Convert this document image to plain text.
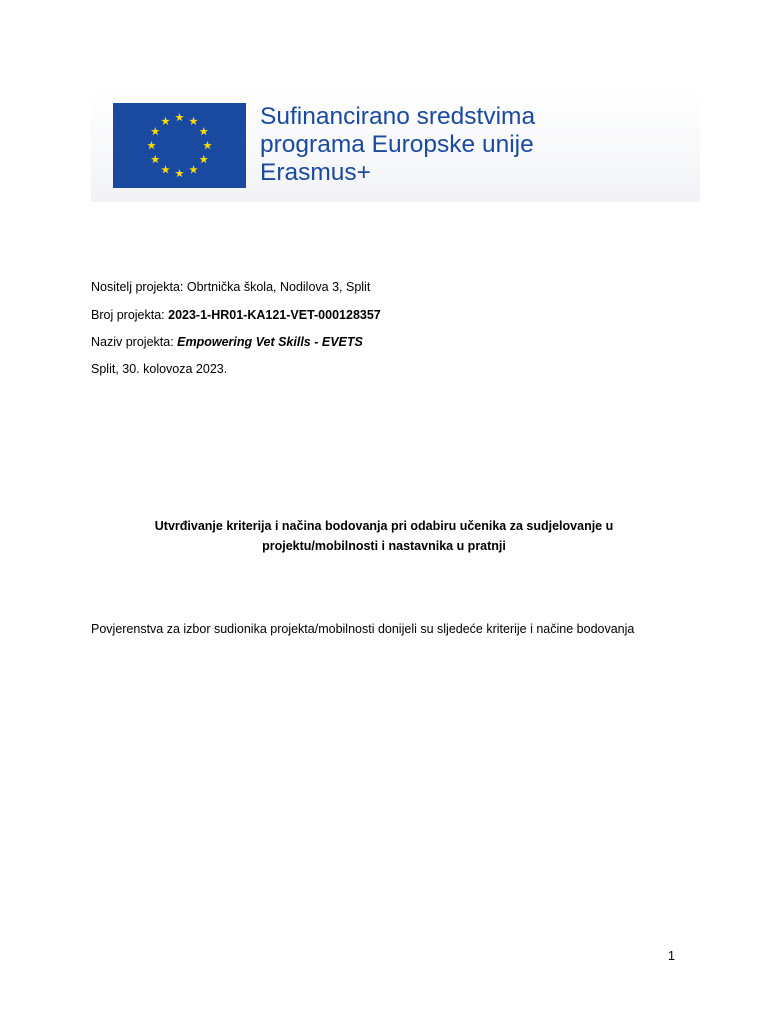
Sufinancirano sredstvima
programa Europske unije
Erasmus+
Nositelj projekta: Obrtnička škola, Nodilova 3, Split
Broj projekta: 2023-1-HR01-KA121-VET-000128357
Naziv projekta: Empowering Vet Skills - EVETS
Split, 30. kolovoza 2023.
Utvrđivanje kriterija i načina bodovanja pri odabiru učenika za sudjelovanje u
projektu/mobilnosti i nastavnika u pratnji
Povjerenstva za izbor sudionika projekta/mobilnosti donijeli su sljedeće kriterije i načine bodovanja
1
